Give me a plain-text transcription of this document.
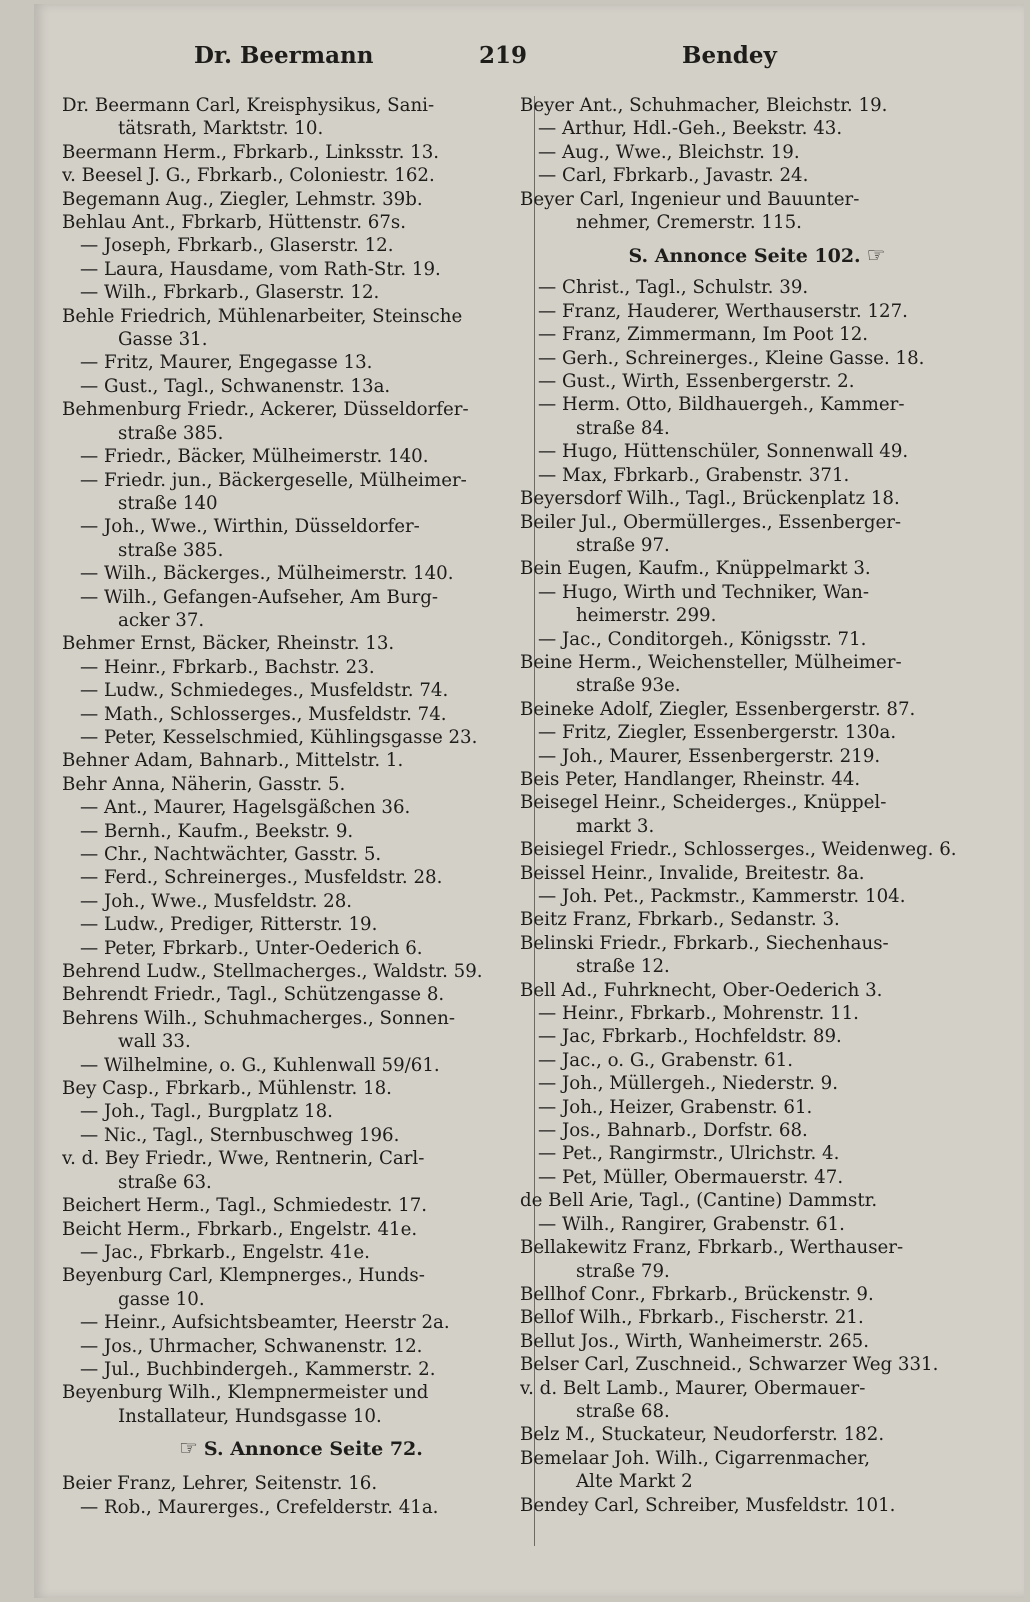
Dr. Beermann	219	Bendey
Dr. Beermann Carl, Kreisphysikus, Sani-
tätsrath, Marktstr. 10.
Beermann Herm., Fbrkarb., Linksstr. 13.
v. Beesel J. G., Fbrkarb., Coloniestr. 162.
Begemann Aug., Ziegler, Lehmstr. 39b.
Behlau Ant., Fbrkarb, Hüttenstr. 67s.
— Joseph, Fbrkarb., Glaserstr. 12.
— Laura, Hausdame, vom Rath-Str. 19.
— Wilh., Fbrkarb., Glaserstr. 12.
Behle Friedrich, Mühlenarbeiter, Steinsche
Gasse 31.
— Fritz, Maurer, Engegasse 13.
— Gust., Tagl., Schwanenstr. 13a.
Behmenburg Friedr., Ackerer, Düsseldorfer-
straße 385.
— Friedr., Bäcker, Mülheimerstr. 140.
— Friedr. jun., Bäckergeselle, Mülheimer-
straße 140
— Joh., Wwe., Wirthin, Düsseldorfer-
straße 385.
— Wilh., Bäckerges., Mülheimerstr. 140.
— Wilh., Gefangen-Aufseher, Am Burg-
acker 37.
Behmer Ernst, Bäcker, Rheinstr. 13.
— Heinr., Fbrkarb., Bachstr. 23.
— Ludw., Schmiedeges., Musfeldstr. 74.
— Math., Schlosserges., Musfeldstr. 74.
— Peter, Kesselschmied, Kühlingsgasse 23.
Behner Adam, Bahnarb., Mittelstr. 1.
Behr Anna, Näherin, Gasstr. 5.
— Ant., Maurer, Hagelsgäßchen 36.
— Bernh., Kaufm., Beekstr. 9.
— Chr., Nachtwächter, Gasstr. 5.
— Ferd., Schreinerges., Musfeldstr. 28.
— Joh., Wwe., Musfeldstr. 28.
— Ludw., Prediger, Ritterstr. 19.
— Peter, Fbrkarb., Unter-Oederich 6.
Behrend Ludw., Stellmacherges., Waldstr. 59.
Behrendt Friedr., Tagl., Schützengasse 8.
Behrens Wilh., Schuhmacherges., Sonnen-
wall 33.
— Wilhelmine, o. G., Kuhlenwall 59/61.
Bey Casp., Fbrkarb., Mühlenstr. 18.
— Joh., Tagl., Burgplatz 18.
— Nic., Tagl., Sternbuschweg 196.
v. d. Bey Friedr., Wwe, Rentnerin, Carl-
straße 63.
Beichert Herm., Tagl., Schmiedestr. 17.
Beicht Herm., Fbrkarb., Engelstr. 41e.
— Jac., Fbrkarb., Engelstr. 41e.
Beyenburg Carl, Klempnerges., Hunds-
gasse 10.
— Heinr., Aufsichtsbeamter, Heerstr 2a.
— Jos., Uhrmacher, Schwanenstr. 12.
— Jul., Buchbindergeh., Kammerstr. 2.
Beyenburg Wilh., Klempnermeister und
Installateur, Hundsgasse 10.
☞ S. Annonce Seite 72.
Beier Franz, Lehrer, Seitenstr. 16.
— Rob., Maurerges., Crefelderstr. 41a.
Beyer Ant., Schuhmacher, Bleichstr. 19.
— Arthur, Hdl.-Geh., Beekstr. 43.
— Aug., Wwe., Bleichstr. 19.
— Carl, Fbrkarb., Javastr. 24.
Beyer Carl, Ingenieur und Bauunter-
nehmer, Cremerstr. 115.
S. Annonce Seite 102. ☞
— Christ., Tagl., Schulstr. 39.
— Franz, Hauderer, Werthauserstr. 127.
— Franz, Zimmermann, Im Poot 12.
— Gerh., Schreinerges., Kleine Gasse. 18.
— Gust., Wirth, Essenbergerstr. 2.
— Herm. Otto, Bildhauergeh., Kammer-
straße 84.
— Hugo, Hüttenschüler, Sonnenwall 49.
— Max, Fbrkarb., Grabenstr. 371.
Beyersdorf Wilh., Tagl., Brückenplatz 18.
Beiler Jul., Obermüllerges., Essenberger-
straße 97.
Bein Eugen, Kaufm., Knüppelmarkt 3.
— Hugo, Wirth und Techniker, Wan-
heimerstr. 299.
— Jac., Conditorgeh., Königsstr. 71.
Beine Herm., Weichensteller, Mülheimer-
straße 93e.
Beineke Adolf, Ziegler, Essenbergerstr. 87.
— Fritz, Ziegler, Essenbergerstr. 130a.
— Joh., Maurer, Essenbergerstr. 219.
Beis Peter, Handlanger, Rheinstr. 44.
Beisegel Heinr., Scheiderges., Knüppel-
markt 3.
Beisiegel Friedr., Schlosserges., Weidenweg. 6.
Beissel Heinr., Invalide, Breitestr. 8a.
— Joh. Pet., Packmstr., Kammerstr. 104.
Beitz Franz, Fbrkarb., Sedanstr. 3.
Belinski Friedr., Fbrkarb., Siechenhaus-
straße 12.
Bell Ad., Fuhrknecht, Ober-Oederich 3.
— Heinr., Fbrkarb., Mohrenstr. 11.
— Jac, Fbrkarb., Hochfeldstr. 89.
— Jac., o. G., Grabenstr. 61.
— Joh., Müllergeh., Niederstr. 9.
— Joh., Heizer, Grabenstr. 61.
— Jos., Bahnarb., Dorfstr. 68.
— Pet., Rangirmstr., Ulrichstr. 4.
— Pet, Müller, Obermauerstr. 47.
de Bell Arie, Tagl., (Cantine) Dammstr.
— Wilh., Rangirer, Grabenstr. 61.
Bellakewitz Franz, Fbrkarb., Werthauser-
straße 79.
Bellhof Conr., Fbrkarb., Brückenstr. 9.
Bellof Wilh., Fbrkarb., Fischerstr. 21.
Bellut Jos., Wirth, Wanheimerstr. 265.
Belser Carl, Zuschneid., Schwarzer Weg 331.
v. d. Belt Lamb., Maurer, Obermauer-
straße 68.
Belz M., Stuckateur, Neudorferstr. 182.
Bemelaar Joh. Wilh., Cigarrenmacher,
Alte Markt 2
Bendey Carl, Schreiber, Musfeldstr. 101.
